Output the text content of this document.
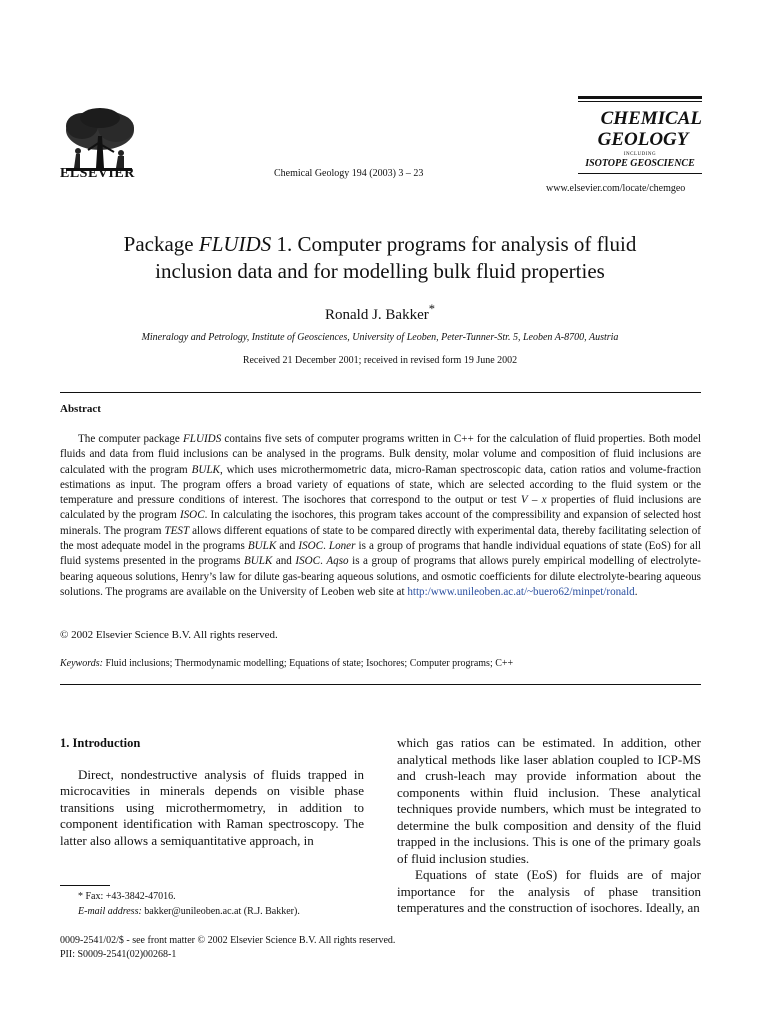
ELSEVIER	Chemical Geology 194 (2003) 3 – 23
CHEMICAL
GEOLOGY
INCLUDING
ISOTOPE GEOSCIENCE
www.elsevier.com/locate/chemgeo
Package FLUIDS 1. Computer programs for analysis of fluid
inclusion data and for modelling bulk fluid properties
Ronald J. Bakker*
Mineralogy and Petrology, Institute of Geosciences, University of Leoben, Peter-Tunner-Str. 5, Leoben A-8700, Austria
Received 21 December 2001; received in revised form 19 June 2002
Abstract

The computer package FLUIDS contains five sets of computer programs written in C++ for the calculation of fluid properties. Both model fluids and data from fluid inclusions can be analysed in the programs. Bulk density, molar volume and composition of fluid inclusions are calculated with the program BULK, which uses microthermometric data, micro-Raman spectroscopic data, cation ratios and volume-fraction estimations as input. The program offers a broad variety of equations of state, which are selected according to the fluid system or the temperature and pressure conditions of interest. The isochores that correspond to the output or test V – x properties of fluid inclusions are calculated by the program ISOC. In calculating the isochores, this program takes account of the compressibility and expansion of selected host minerals. The program TEST allows different equations of state to be compared directly with experimental data, thereby facilitating selection of the most adequate model in the programs BULK and ISOC. Loner is a group of programs that handle individual equations of state (EoS) for all fluid systems presented in the programs BULK and ISOC. Aqso is a group of programs that allows purely empirical modelling of electrolyte-bearing aqueous solutions, Henry’s law for dilute gas-bearing aqueous solutions, and osmotic coefficients for dilute electrolyte-bearing aqueous solutions. The programs are available on the University of Leoben web site at http:/www.unileoben.ac.at/~buero62/minpet/ronald.

© 2002 Elsevier Science B.V. All rights reserved.
Keywords: Fluid inclusions; Thermodynamic modelling; Equations of state; Isochores; Computer programs; C++
1. Introduction

Direct, nondestructive analysis of fluids trapped in microcavities in minerals depends on visible phase transitions using microthermometry, in addition to component identification with Raman spectroscopy. The latter also allows a semiquantitative approach, in

which gas ratios can be estimated. In addition, other analytical methods like laser ablation coupled to ICP-MS and crush-leach may provide information about the components within fluid inclusion. These analytical techniques provide numbers, which must be integrated to determine the bulk composition and density of the fluid trapped in the inclusions. This is one of the primary goals of fluid inclusion studies.

Equations of state (EoS) for fluids are of major importance for the analysis of phase transition temperatures and the construction of isochores. Ideally, an

* Fax: +43-3842-47016.
E-mail address: bakker@unileoben.ac.at (R.J. Bakker).
0009-2541/02/$ - see front matter © 2002 Elsevier Science B.V. All rights reserved.
PII: S0009-2541(02)00268-1
